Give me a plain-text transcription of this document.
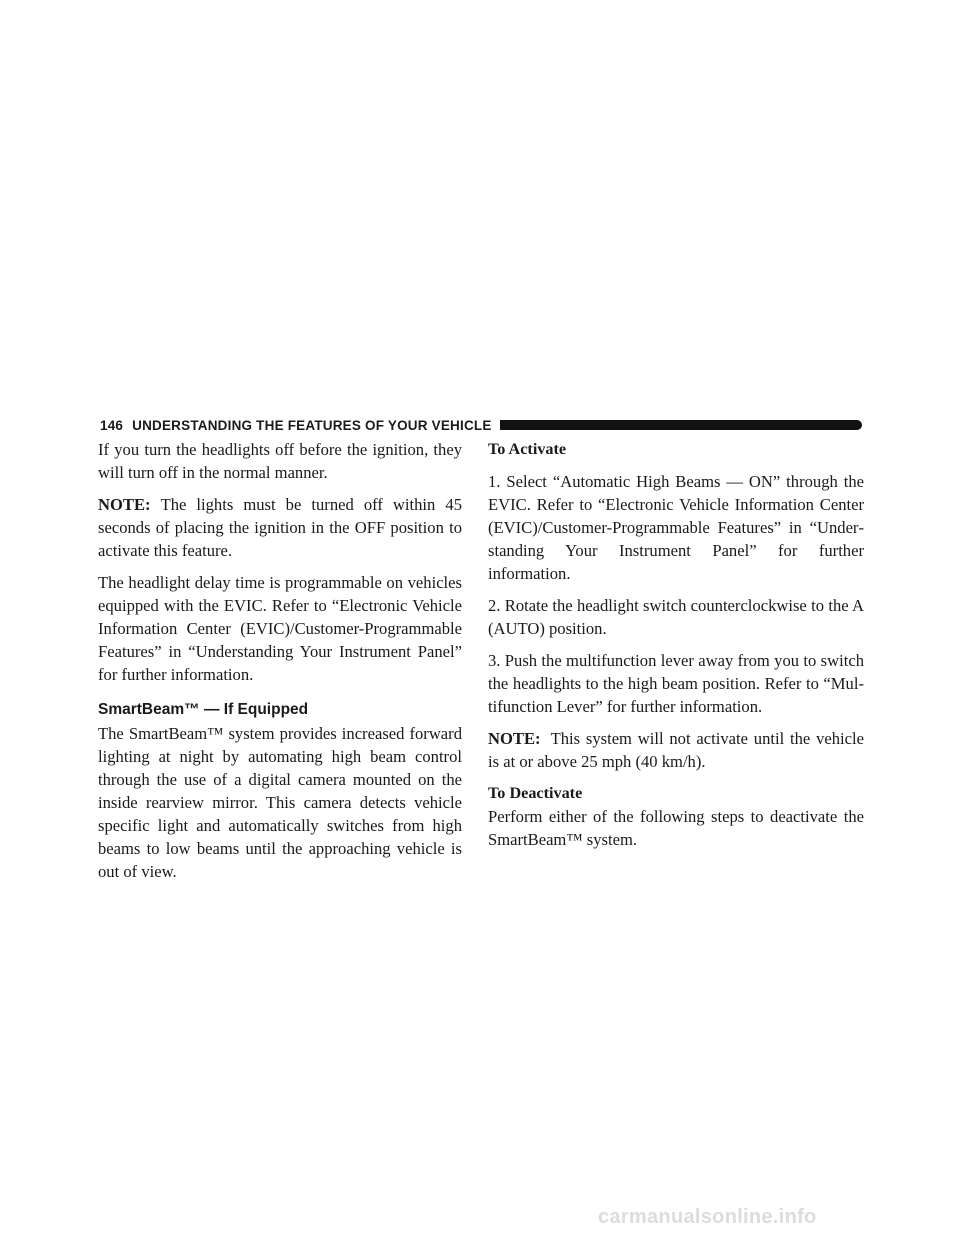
146 UNDERSTANDING THE FEATURES OF YOUR VEHICLE

If you turn the headlights off before the ignition, they will turn off in the normal manner.

NOTE: The lights must be turned off within 45 seconds of placing the ignition in the OFF position to activate this feature.

The headlight delay time is programmable on vehicles equipped with the EVIC. Refer to “Electronic Vehicle Information Center (EVIC)/Customer-Programmable Features” in “Understanding Your Instrument Panel” for further information.

SmartBeam™ — If Equipped

The SmartBeam™ system provides increased forward lighting at night by automating high beam control through the use of a digital camera mounted on the inside rearview mirror. This camera detects vehicle specific light and automatically switches from high beams to low beams until the approaching vehicle is out of view.

To Activate

1. Select “Automatic High Beams — ON” through the EVIC. Refer to “Electronic Vehicle Information Center (EVIC)/Customer-Programmable Features” in “Understanding Your Instrument Panel” for further information.

2. Rotate the headlight switch counterclockwise to the A (AUTO) position.

3. Push the multifunction lever away from you to switch the headlights to the high beam position. Refer to “Multifunction Lever” for further information.

NOTE: This system will not activate until the vehicle is at or above 25 mph (40 km/h).

To Deactivate

Perform either of the following steps to deactivate the SmartBeam™ system.

carmanualsonline.info
